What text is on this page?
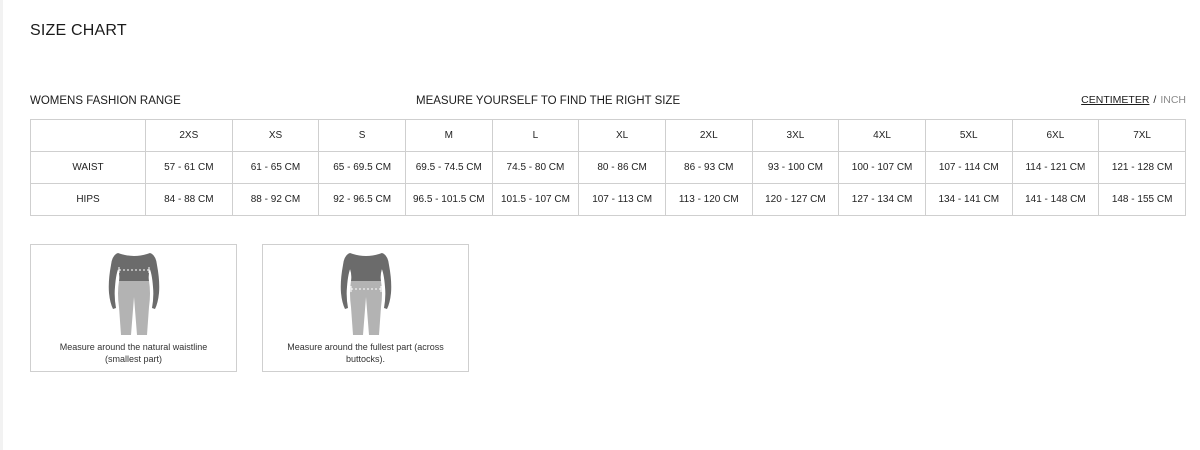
SIZE CHART
WOMENS FASHION RANGE	MEASURE YOURSELF TO FIND THE RIGHT SIZE	CENTIMETER / INCH
	2XS	XS	S	M	L	XL	2XL	3XL	4XL	5XL	6XL	7XL
WAIST	57 - 61 CM	61 - 65 CM	65 - 69.5 CM	69.5 - 74.5 CM	74.5 - 80 CM	80 - 86 CM	86 - 93 CM	93 - 100 CM	100 - 107 CM	107 - 114 CM	114 - 121 CM	121 - 128 CM
HIPS	84 - 88 CM	88 - 92 CM	92 - 96.5 CM	96.5 - 101.5 CM	101.5 - 107 CM	107 - 113 CM	113 - 120 CM	120 - 127 CM	127 - 134 CM	134 - 141 CM	141 - 148 CM	148 - 155 CM
Measure around the natural waistline (smallest part)
Measure around the fullest part (across buttocks).
